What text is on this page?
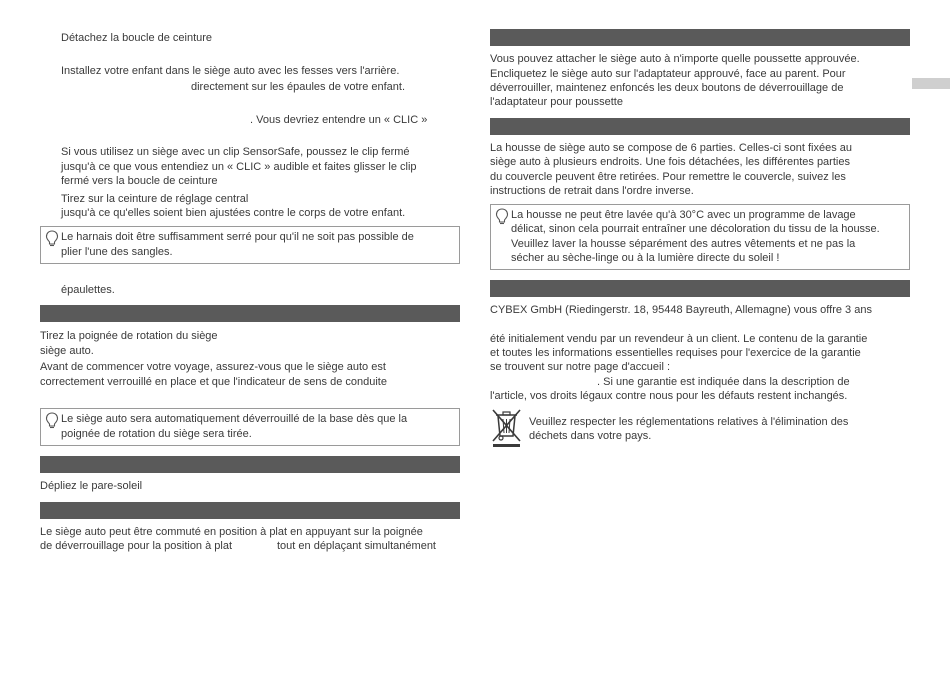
Détachez la boucle de ceinture
Installez votre enfant dans le siège auto avec les fesses vers l'arrière.
directement sur les épaules de votre enfant.
. Vous devriez entendre un « CLIC »
Si vous utilisez un siège avec un clip SensorSafe, poussez le clip fermé
jusqu'à ce que vous entendiez un « CLIC » audible et faites glisser le clip
fermé vers la boucle de ceinture
Tirez sur la ceinture de réglage central
jusqu'à ce qu'elles soient bien ajustées contre le corps de votre enfant.
Le harnais doit être suffisamment serré pour qu'il ne soit pas possible de
plier l'une des sangles.
épaulettes.
Tirez la poignée de rotation du siège
siège auto.
Avant de commencer votre voyage, assurez-vous que le siège auto est
correctement verrouillé en place et que l'indicateur de sens de conduite
Le siège auto sera automatiquement déverrouillé de la base dès que la
poignée de rotation du siège sera tirée.
Dépliez le pare-soleil
Le siège auto peut être commuté en position à plat en appuyant sur la poignée
de déverrouillage pour la position à plat	tout en déplaçant simultanément
Vous pouvez attacher le siège auto à n'importe quelle poussette approuvée.
Encliquetez le siège auto sur l'adaptateur approuvé, face au parent. Pour
déverrouiller, maintenez enfoncés les deux boutons de déverrouillage de
l'adaptateur pour poussette
La housse de siège auto se compose de 6 parties. Celles-ci sont fixées au
siège auto à plusieurs endroits. Une fois détachées, les différentes parties
du couvercle peuvent être retirées. Pour remettre le couvercle, suivez les
instructions de retrait dans l'ordre inverse.
La housse ne peut être lavée qu'à 30°C avec un programme de lavage
délicat, sinon cela pourrait entraîner une décoloration du tissu de la housse.
Veuillez laver la housse séparément des autres vêtements et ne pas la
sécher au sèche-linge ou à la lumière directe du soleil !
CYBEX GmbH (Riedingerstr. 18, 95448 Bayreuth, Allemagne) vous offre 3 ans
été initialement vendu par un revendeur à un client. Le contenu de la garantie
et toutes les informations essentielles requises pour l'exercice de la garantie
se trouvent sur notre page d'accueil :
. Si une garantie est indiquée dans la description de
l'article, vos droits légaux contre nous pour les défauts restent inchangés.
Veuillez respecter les réglementations relatives à l'élimination des
déchets dans votre pays.
